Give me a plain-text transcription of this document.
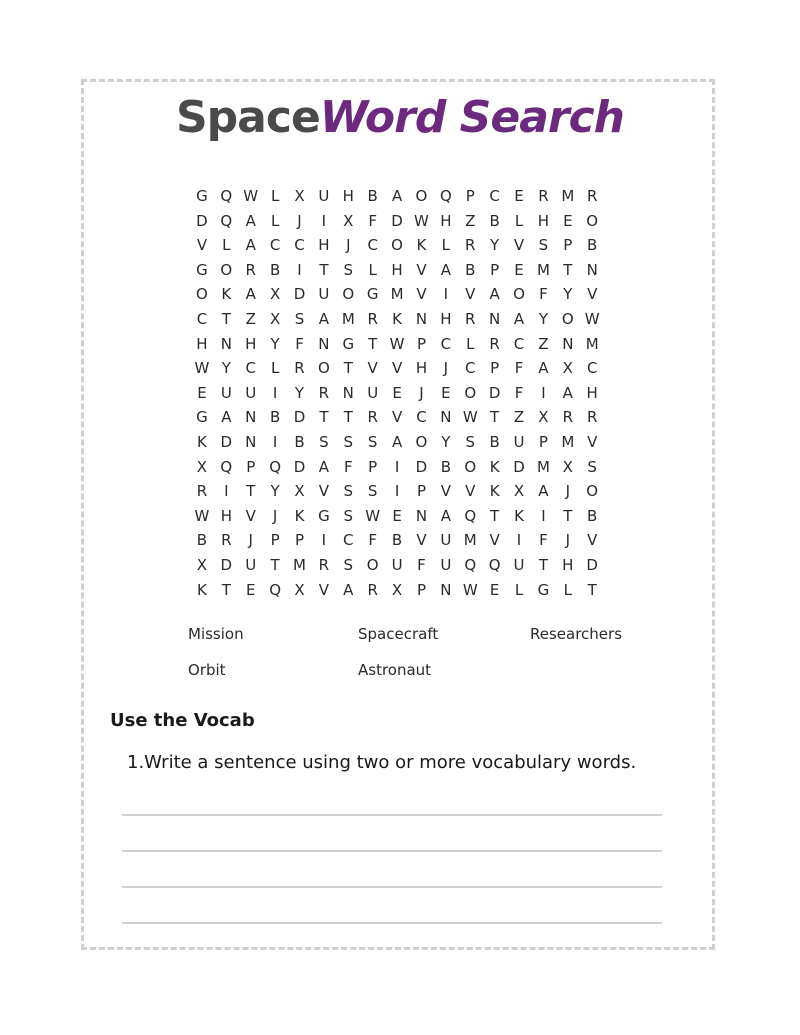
SpaceWord Search
G Q W L X U H B A O Q P C E R M R
D Q A L	J	I	X F D W H Z B L H E O
V L A C C H	J	C O K L R Y V S P B
G O R B	I	T S L H V A B P E M T N
O K A X D U O G M V	I	V A O F Y V
C T Z X S A M R K N H R N A Y O W
H N H Y F N G T W P C L R C Z N M
W Y C L R O T V V H	J	C P	F A X C
E U U	I	Y R N U E	J	E O D F	I	A H
G A N B D T T R V C N W T Z X R R
K D N	I	B S S S A O Y S B U P M V
X Q P Q D A F	P	I	D B O K D M X S
R	I	T Y X V S S	I	P V V K X A	J	O
W H V	J	K G S W E N A Q T K	I	T B
B R	J	P P	I	C F B V U M V	I	F	J	V
X D U T M R S O U F U Q Q U T H D
K T E Q X V A R X P N W E L G L	T
Mission	Spacecraft	Researchers
Orbit	Astronaut
Use the Vocab
1.Write a sentence using two or more vocabulary words.
